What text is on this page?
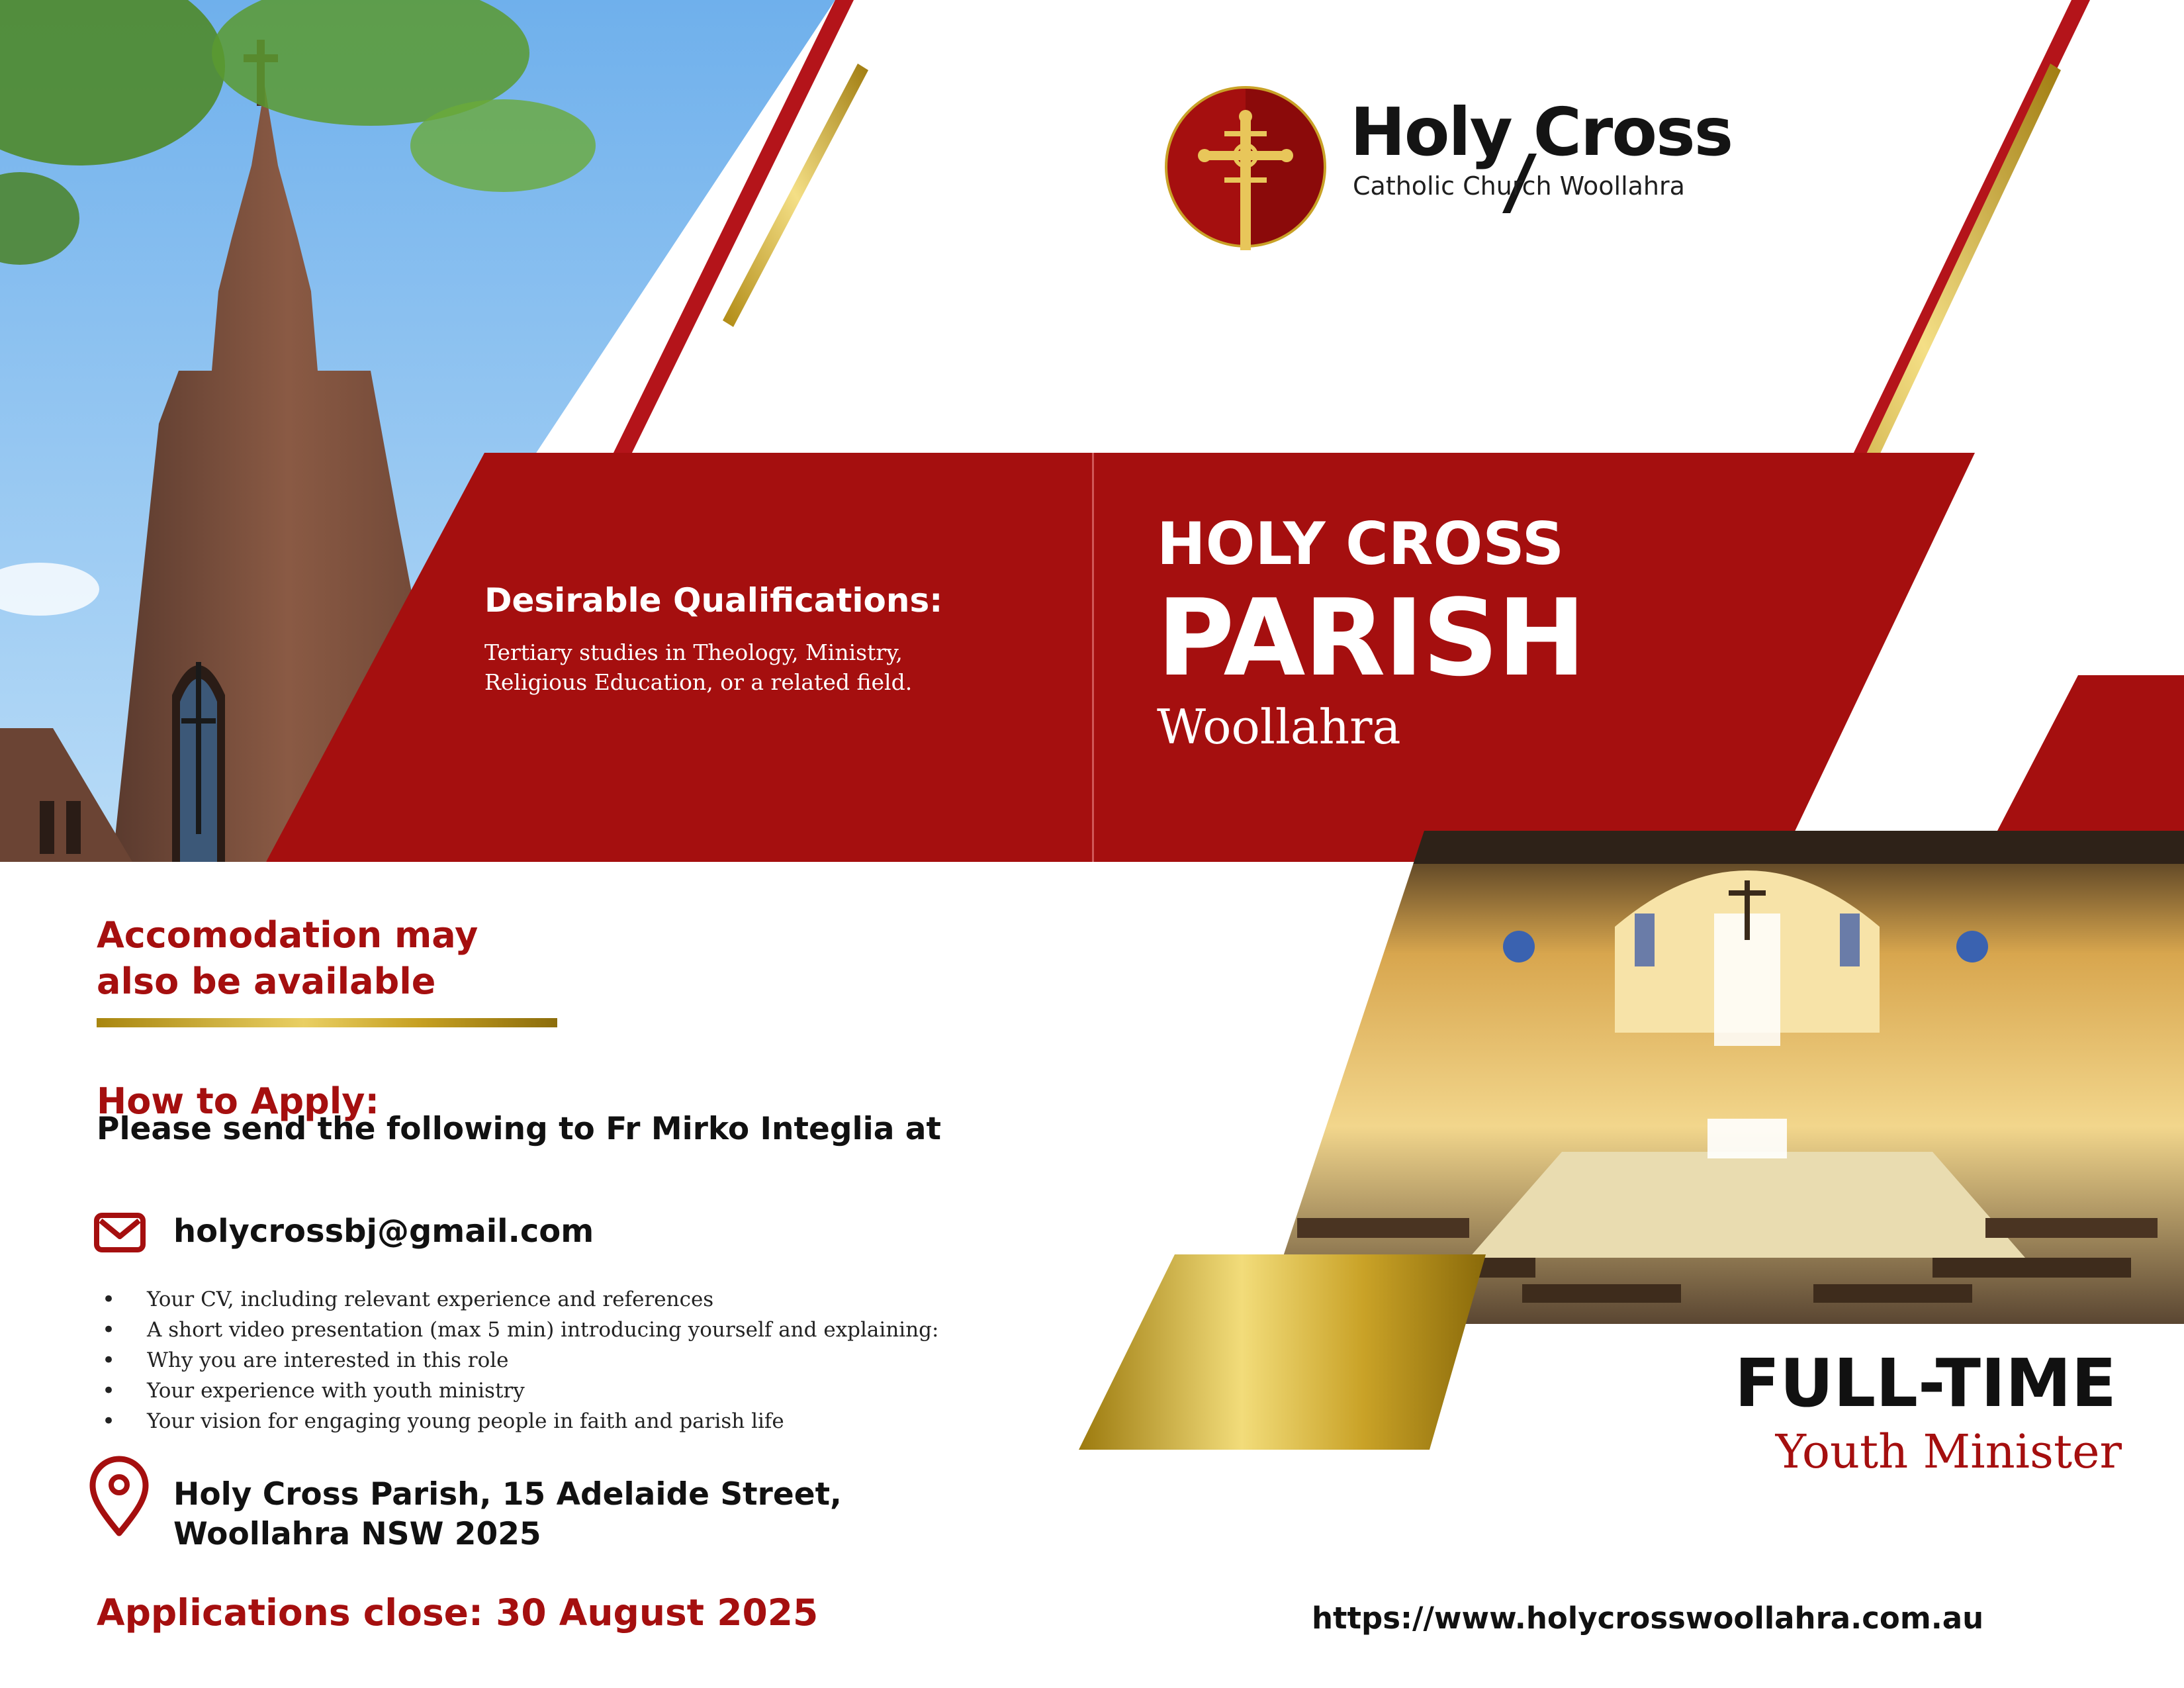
Holy Cross
Catholic Church Woollahra
Desirable Qualifications:
Tertiary studies in Theology, Ministry, Religious Education, or a related field.
HOLY CROSS
PARISH
Woollahra
Accomodation may also be available
How to Apply:
Please send the following to Fr Mirko Integlia at
holycrossbj@gmail.com
• Your CV, including relevant experience and references
• A short video presentation (max 5 min) introducing yourself and explaining:
• Why you are interested in this role
• Your experience with youth ministry
• Your vision for engaging young people in faith and parish life
Holy Cross Parish, 15 Adelaide Street,
Woollahra NSW 2025
Applications close: 30 August 2025
FULL-TIME
Youth Minister
https://www.holycrosswoollahra.com.au
